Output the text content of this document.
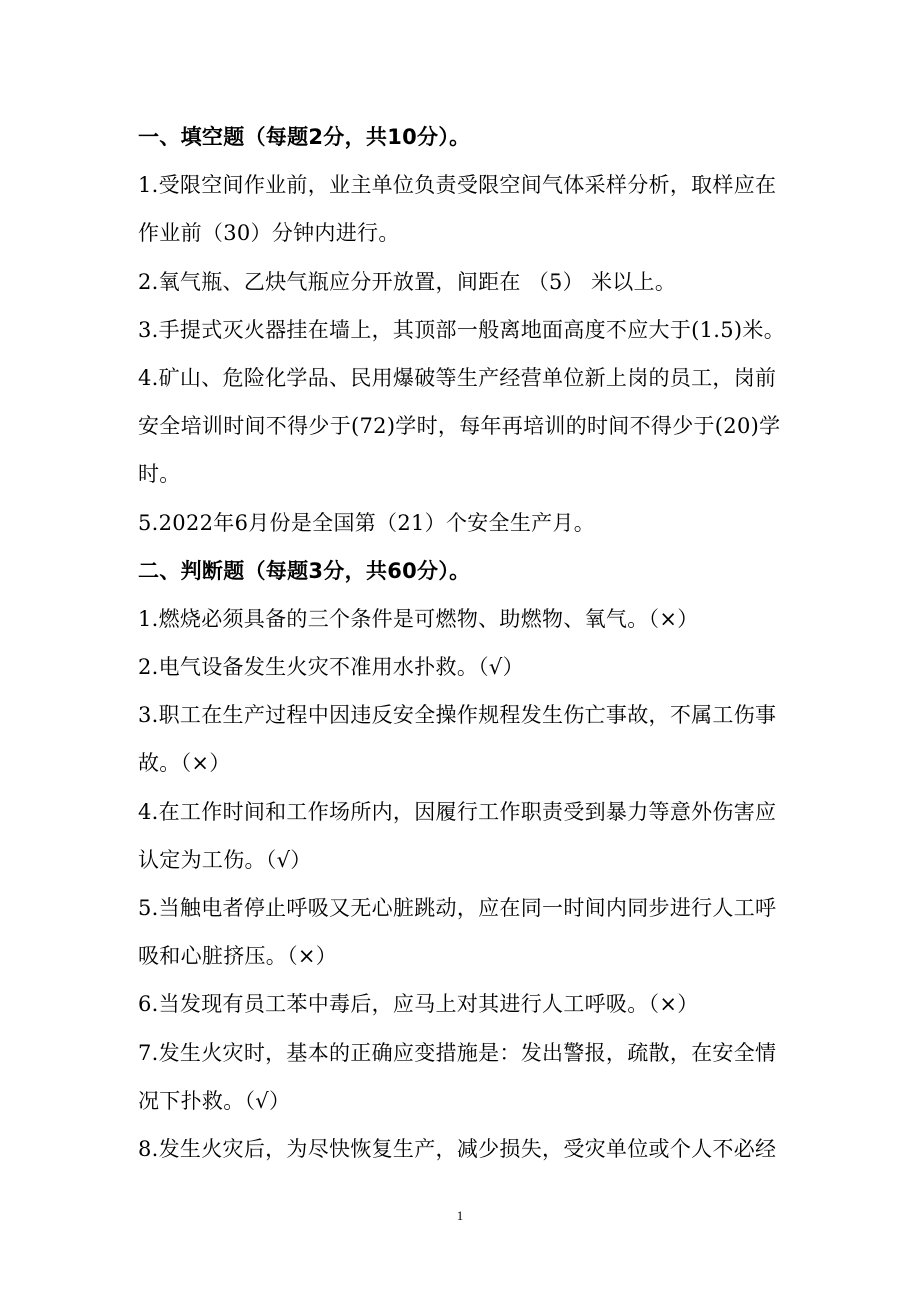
一、填空题（每题2分，共10分）。
1.受限空间作业前，业主单位负责受限空间气体采样分析，取样应在
作业前（30）分钟内进行。
2.氧气瓶、乙炔气瓶应分开放置，间距在 （5） 米以上。
3.手提式灭火器挂在墙上，其顶部一般离地面高度不应大于(1.5)米。
4.矿山、危险化学品、民用爆破等生产经营单位新上岗的员工，岗前
安全培训时间不得少于(72)学时，每年再培训的时间不得少于(20)学
时。
5.2022年6月份是全国第（21）个安全生产月。
二、判断题（每题3分，共60分）。
1.燃烧必须具备的三个条件是可燃物、助燃物、氧气。（×）
2.电气设备发生火灾不准用水扑救。（√）
3.职工在生产过程中因违反安全操作规程发生伤亡事故，不属工伤事
故。（×）
4.在工作时间和工作场所内，因履行工作职责受到暴力等意外伤害应
认定为工伤。（√）
5.当触电者停止呼吸又无心脏跳动，应在同一时间内同步进行人工呼
吸和心脏挤压。（×）
6.当发现有员工苯中毒后，应马上对其进行人工呼吸。（×）
7.发生火灾时，基本的正确应变措施是：发出警报，疏散，在安全情
况下扑救。（√）
8.发生火灾后，为尽快恢复生产，减少损失，受灾单位或个人不必经
1
